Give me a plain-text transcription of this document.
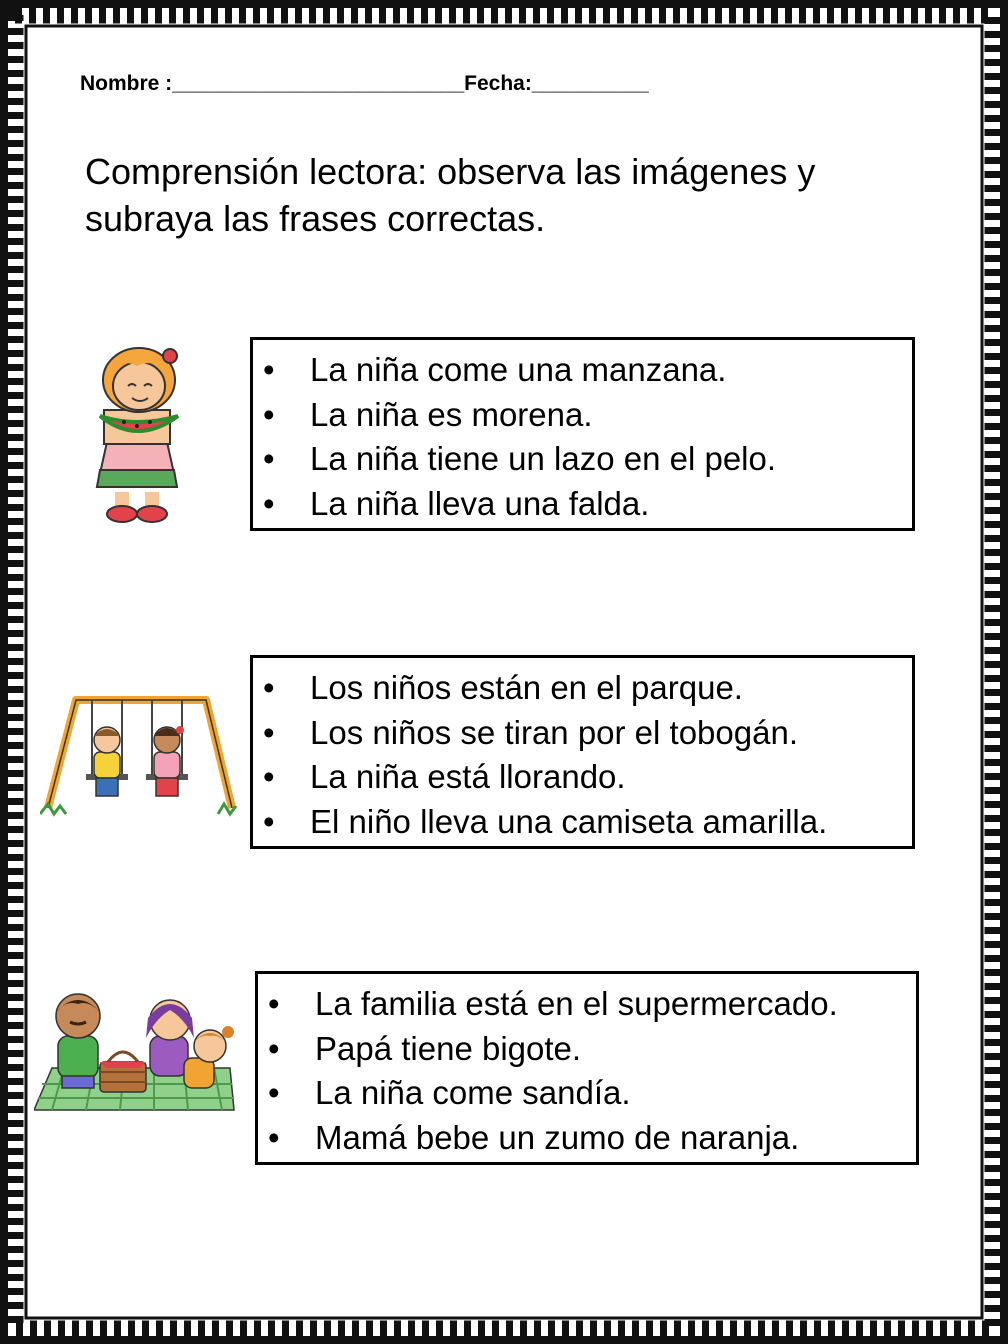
Nombre :_________________________Fecha:__________
Comprensión lectora: observa las imágenes y subraya las frases correctas.
• La niña come una manzana.
• La niña es morena.
• La niña tiene un lazo en el pelo.
• La niña lleva una falda.
• Los niños están en el parque.
• Los niños se tiran por el tobogán.
• La niña está llorando.
• El niño lleva una camiseta amarilla.
• La familia está en el supermercado.
• Papá tiene bigote.
• La niña come sandía.
• Mamá bebe un zumo de naranja.
